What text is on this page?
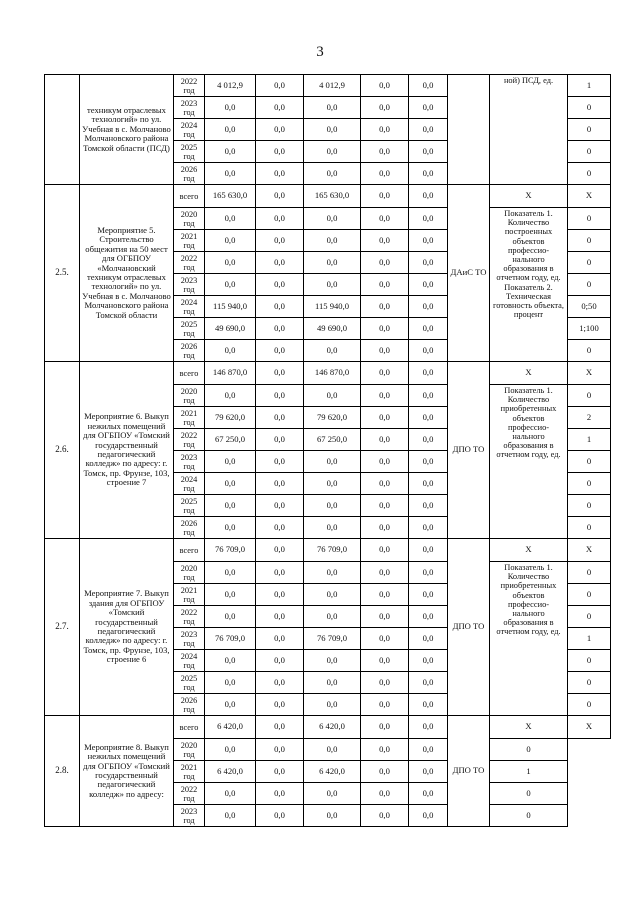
3
	техникум отраслевых технологий» по ул. Учебная в с. Молчаново Молчановского района Томской области (ПСД)	2022 год	4 012,9	0,0	4 012,9	0,0	0,0		ной) ПСД, ед.	1
		2023 год	0,0	0,0	0,0	0,0	0,0			0
		2024 год	0,0	0,0	0,0	0,0	0,0			0
		2025 год	0,0	0,0	0,0	0,0	0,0			0
		2026 год	0,0	0,0	0,0	0,0	0,0			0
2.5.	Мероприятие 5. Строительство общежития на 50 мест для ОГБПОУ «Молчановский техникум отраслевых технологий» по ул. Учебная в с. Молчаново Молчановского района Томской области	всего	165 630,0	0,0	165 630,0	0,0	0,0	ДАиС ТО	Х	Х
		2020 год	0,0	0,0	0,0	0,0	0,0		Показатель 1. Количество построенных объектов профессио-нального образования в отчетном году, ед. Показатель 2. Техническая готовность объекта, процент	0
		2021 год	0,0	0,0	0,0	0,0	0,0			0
		2022 год	0,0	0,0	0,0	0,0	0,0			0
		2023 год	0,0	0,0	0,0	0,0	0,0			0
		2024 год	115 940,0	0,0	115 940,0	0,0	0,0			0;50
		2025 год	49 690,0	0,0	49 690,0	0,0	0,0			1;100
		2026 год	0,0	0,0	0,0	0,0	0,0			0
2.6.	Мероприятие 6. Выкуп нежилых помещений для ОГБПОУ «Томский государственный педагогический колледж» по адресу: г. Томск, пр. Фрунзе, 103, строение 7	всего	146 870,0	0,0	146 870,0	0,0	0,0	ДПО ТО	Х	Х
		2020 год	0,0	0,0	0,0	0,0	0,0		Показатель 1. Количество приобретенных объектов профессио-нального образования в отчетном году, ед.	0
		2021 год	79 620,0	0,0	79 620,0	0,0	0,0			2
		2022 год	67 250,0	0,0	67 250,0	0,0	0,0			1
		2023 год	0,0	0,0	0,0	0,0	0,0			0
		2024 год	0,0	0,0	0,0	0,0	0,0			0
		2025 год	0,0	0,0	0,0	0,0	0,0			0
		2026 год	0,0	0,0	0,0	0,0	0,0			0
2.7.	Мероприятие 7. Выкуп здания для ОГБПОУ «Томский государственный педагогический колледж» по адресу: г. Томск, пр. Фрунзе, 103, строение 6	всего	76 709,0	0,0	76 709,0	0,0	0,0	ДПО ТО	Х	Х
		2020 год	0,0	0,0	0,0	0,0	0,0		Показатель 1. Количество приобретенных объектов профессио-нального образования в отчетном году, ед.	0
		2021 год	0,0	0,0	0,0	0,0	0,0			0
		2022 год	0,0	0,0	0,0	0,0	0,0			0
		2023 год	76 709,0	0,0	76 709,0	0,0	0,0			1
		2024 год	0,0	0,0	0,0	0,0	0,0			0
		2025 год	0,0	0,0	0,0	0,0	0,0			0
		2026 год	0,0	0,0	0,0	0,0	0,0			0
2.8.	Мероприятие 8. Выкуп нежилых помещений для ОГБПОУ «Томский государственный педагогический колледж» по адресу:	всего	6 420,0	0,0	6 420,0	0,0	0,0	ДПО ТО	Х	Х
		2020 год	0,0	0,0	0,0	0,0	0,0		0	
		2021 год	6 420,0	0,0	6 420,0	0,0	0,0		1	
		2022 год	0,0	0,0	0,0	0,0	0,0		0	
		2023 год	0,0	0,0	0,0	0,0	0,0		0	
